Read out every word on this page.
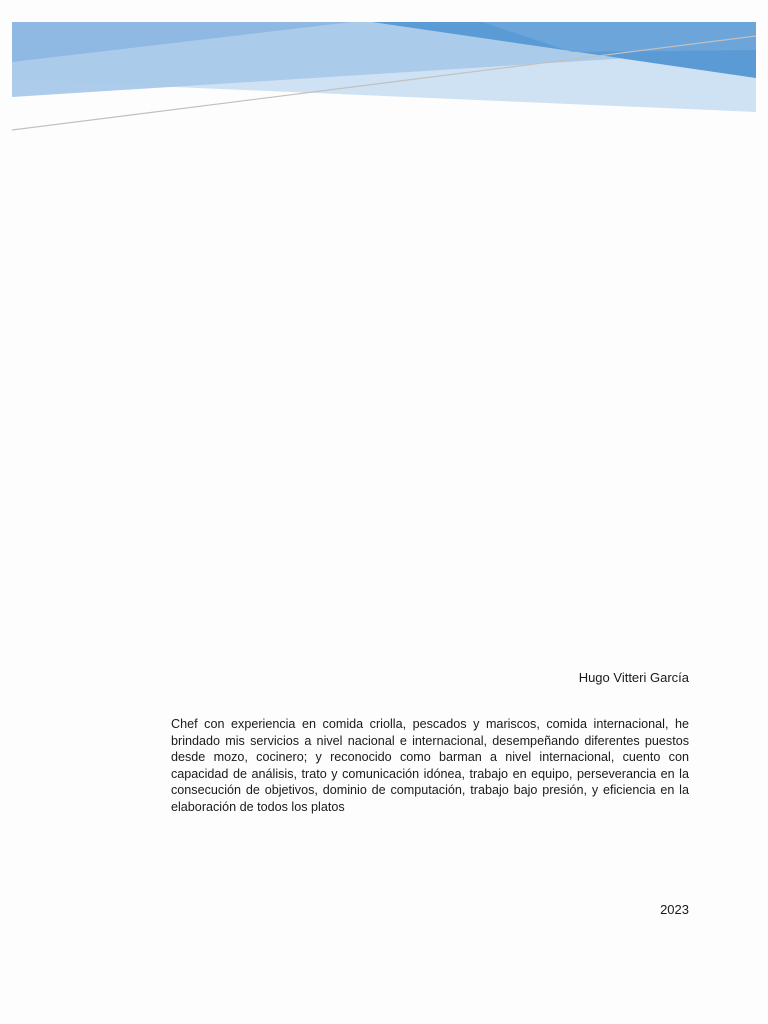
Hugo Vitteri García

Chef con experiencia en comida criolla, pescados y mariscos, comida internacional, he brindado mis servicios a nivel nacional e internacional, desempeñando diferentes puestos desde mozo, cocinero; y reconocido como barman a nivel internacional, cuento con capacidad de análisis, trato y comunicación idónea, trabajo en equipo, perseverancia en la consecución de objetivos, dominio de computación, trabajo bajo presión, y eficiencia en la elaboración de todos los platos

2023
